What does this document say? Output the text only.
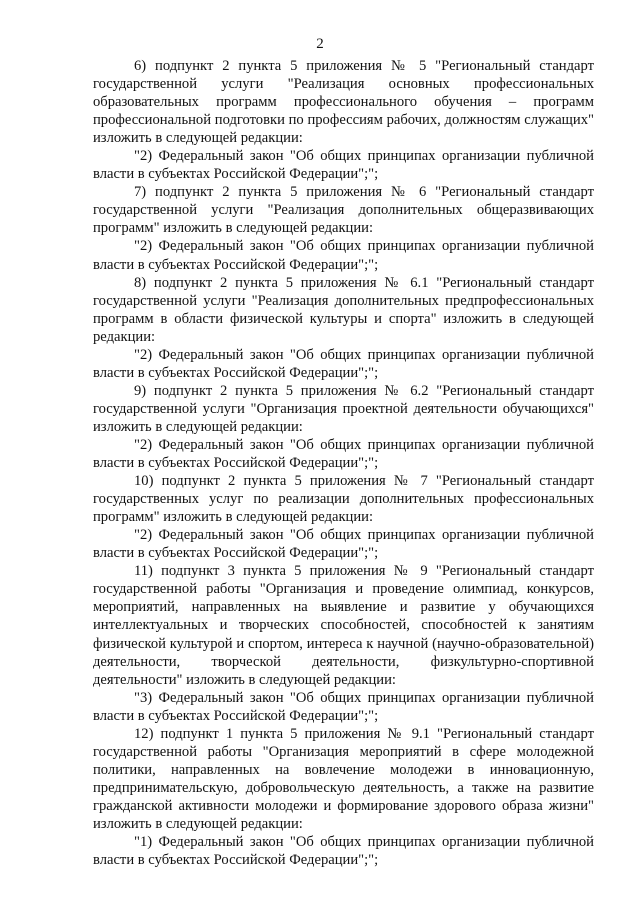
2

6) подпункт 2 пункта 5 приложения № 5 "Региональный стандарт государственной услуги "Реализация основных профессиональных образовательных программ профессионального обучения – программ профессиональной подготовки по профессиям рабочих, должностям служащих" изложить в следующей редакции:

"2) Федеральный закон "Об общих принципах организации публичной власти в субъектах Российской Федерации";";

7) подпункт 2 пункта 5 приложения № 6 "Региональный стандарт государственной услуги "Реализация дополнительных общеразвивающих программ" изложить в следующей редакции:

"2) Федеральный закон "Об общих принципах организации публичной власти в субъектах Российской Федерации";";

8) подпункт 2 пункта 5 приложения № 6.1 "Региональный стандарт государственной услуги "Реализация дополнительных предпрофессиональных программ в области физической культуры и спорта" изложить в следующей редакции:

"2) Федеральный закон "Об общих принципах организации публичной власти в субъектах Российской Федерации";";

9) подпункт 2 пункта 5 приложения № 6.2 "Региональный стандарт государственной услуги "Организация проектной деятельности обучающихся" изложить в следующей редакции:

"2) Федеральный закон "Об общих принципах организации публичной власти в субъектах Российской Федерации";";

10) подпункт 2 пункта 5 приложения № 7 "Региональный стандарт государственных услуг по реализации дополнительных профессиональных программ" изложить в следующей редакции:

"2) Федеральный закон "Об общих принципах организации публичной власти в субъектах Российской Федерации";";

11) подпункт 3 пункта 5 приложения № 9 "Региональный стандарт государственной работы "Организация и проведение олимпиад, конкурсов, мероприятий, направленных на выявление и развитие у обучающихся интеллектуальных и творческих способностей, способностей к занятиям физической культурой и спортом, интереса к научной (научно-образовательной) деятельности, творческой деятельности, физкультурно-спортивной деятельности" изложить в следующей редакции:

"3) Федеральный закон "Об общих принципах организации публичной власти в субъектах Российской Федерации";";

12) подпункт 1 пункта 5 приложения № 9.1 "Региональный стандарт государственной работы "Организация мероприятий в сфере молодежной политики, направленных на вовлечение молодежи в инновационную, предпринимательскую, добровольческую деятельность, а также на развитие гражданской активности молодежи и формирование здорового образа жизни" изложить в следующей редакции:

"1) Федеральный закон "Об общих принципах организации публичной власти в субъектах Российской Федерации";";
